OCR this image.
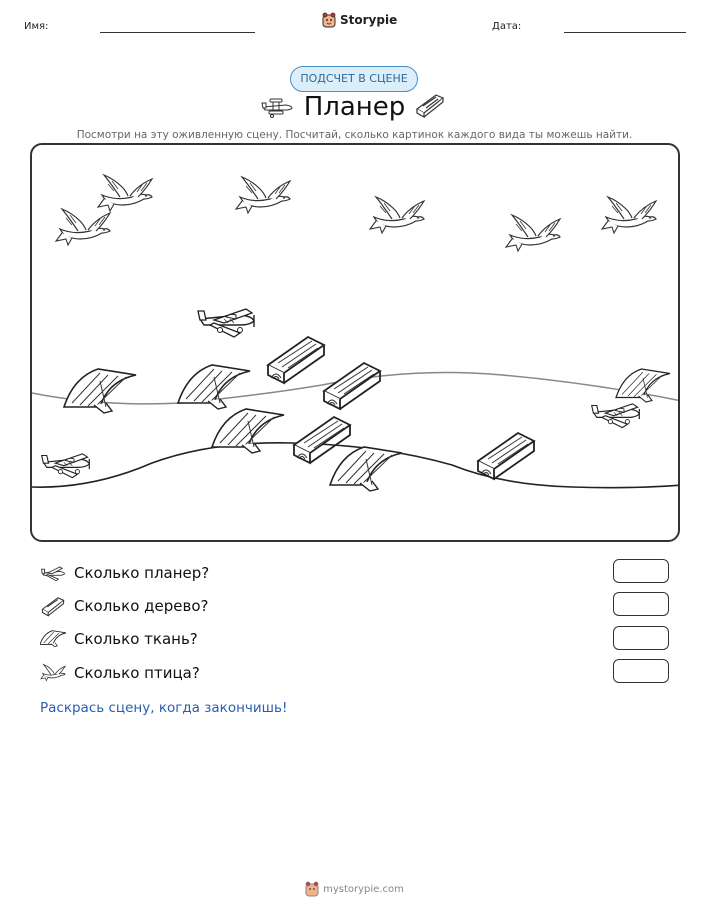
Имя:	Storypie	Дата:
ПОДСЧЕТ В СЦЕНЕ
Планер
Посмотри на эту оживленную сцену. Посчитай, сколько картинок каждого вида ты можешь найти.
Сколько планер?
Сколько дерево?
Сколько ткань?
Сколько птица?
Раскрась сцену, когда закончишь!
mystorypie.com
